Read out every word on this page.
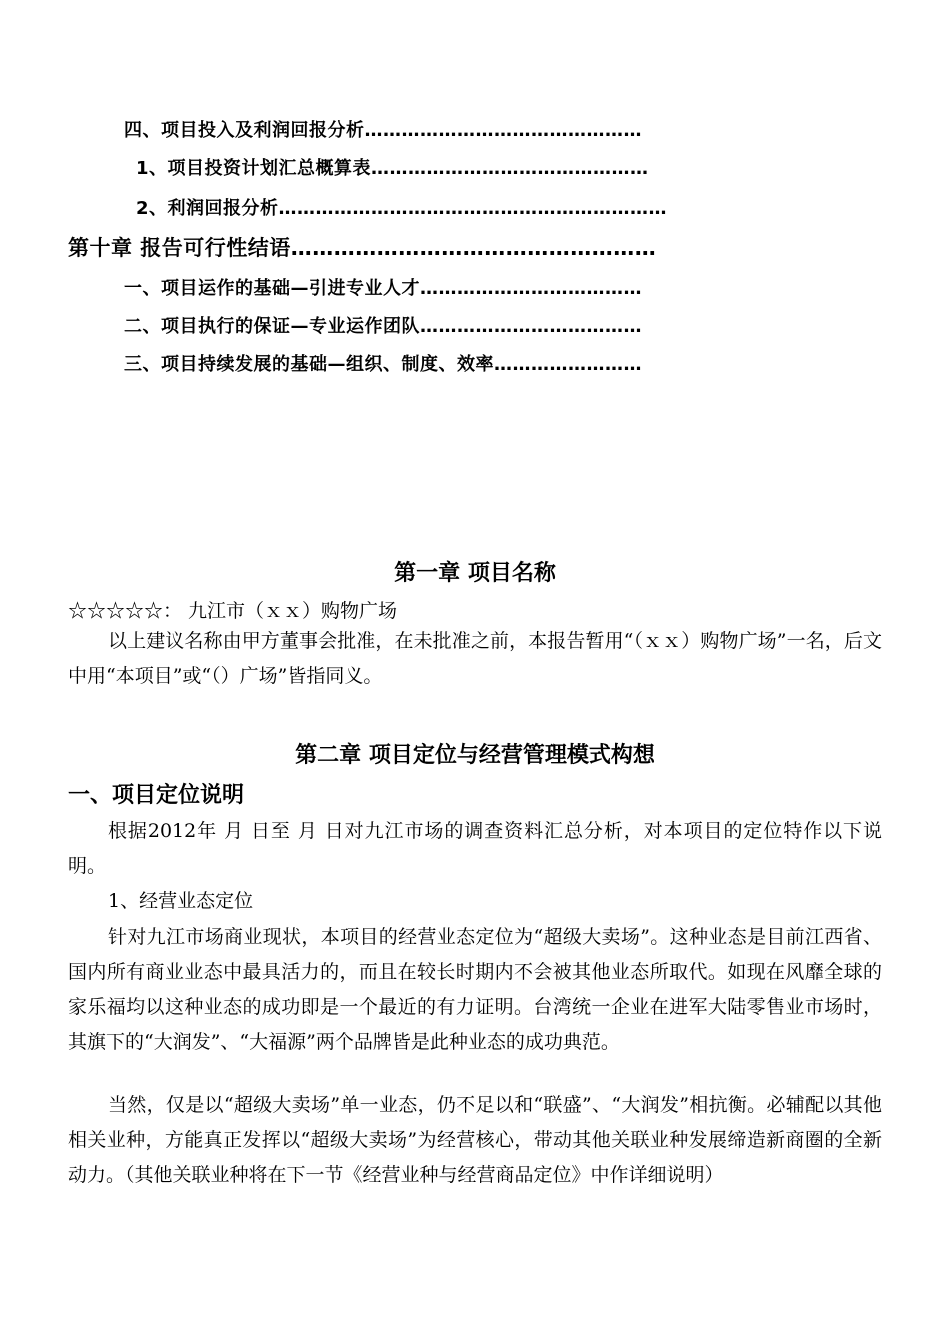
四、项目投入及利润回报分析………………………………………
1、项目投资计划汇总概算表………………………………………
2、利润回报分析………………………………………………………
第十章 报告可行性结语……………………………………………
一、项目运作的基础—引进专业人才………………………………
二、项目执行的保证—专业运作团队………………………………
三、项目持续发展的基础—组织、制度、效率……………………
第一章 项目名称
☆☆☆☆☆： 九江市（ｘｘ）购物广场

以上建议名称由甲方董事会批准，在未批准之前，本报告暂用“（ｘｘ）购物广场”一名，后文中用“本项目”或“（）广场”皆指同义。

第二章 项目定位与经营管理模式构想
一、项目定位说明

根据2012年 月 日至 月 日对九江市场的调查资料汇总分析，对本项目的定位特作以下说明。

1、经营业态定位

针对九江市场商业现状，本项目的经营业态定位为“超级大卖场”。这种业态是目前江西省、国内所有商业业态中最具活力的，而且在较长时期内不会被其他业态所取代。如现在风靡全球的家乐福均以这种业态的成功即是一个最近的有力证明。台湾统一企业在进军大陆零售业市场时，其旗下的“大润发”、“大福源”两个品牌皆是此种业态的成功典范。

当然，仅是以“超级大卖场”单一业态，仍不足以和“联盛”、“大润发”相抗衡。必辅配以其他相关业种，方能真正发挥以“超级大卖场”为经营核心，带动其他关联业种发展缔造新商圈的全新动力。（其他关联业种将在下一节《经营业种与经营商品定位》中作详细说明）
